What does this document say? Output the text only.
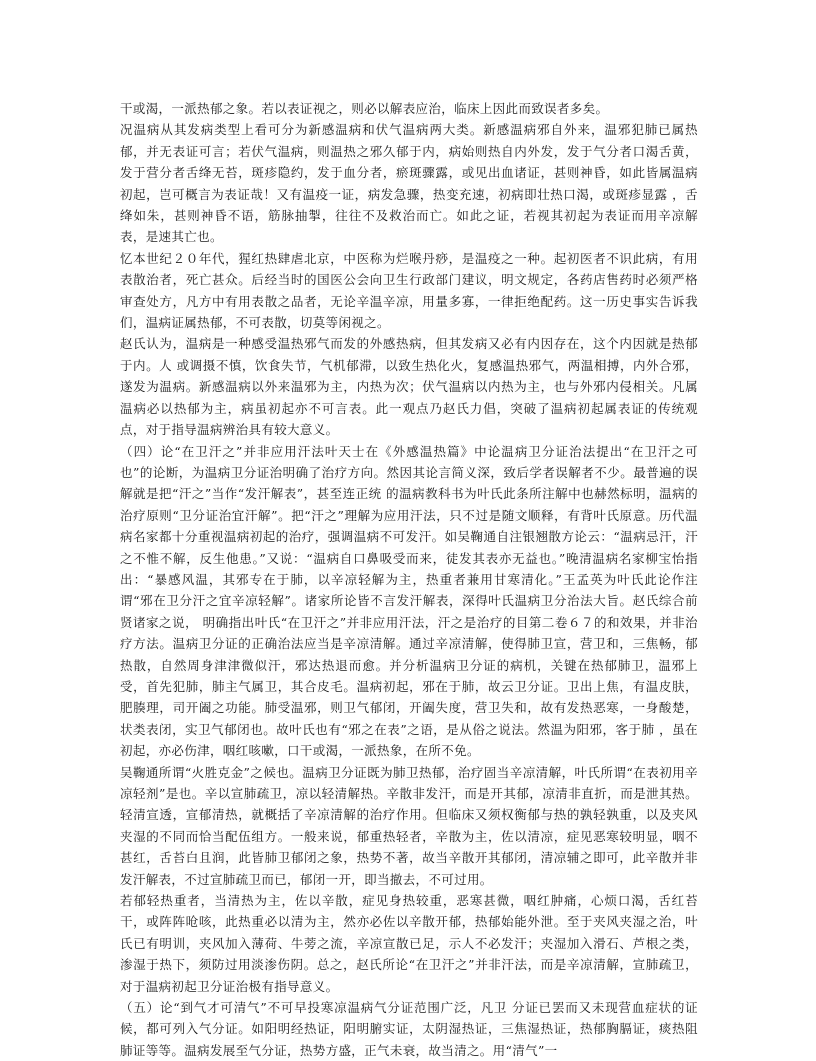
干或渴，一派热郁之象。若以表证视之，则必以解表应治，临床上因此而致误者多矣。

况温病从其发病类型上看可分为新感温病和伏气温病两大类。新感温病邪自外来，温邪犯肺已属热郁，并无表证可言；若伏气温病，则温热之邪久郁于内，病始则热自内外发，发于气分者口渴舌黄，发于营分者舌绛无苔，斑疹隐约，发于血分者，瘀斑骤露，或见出血诸证，甚则神昏，如此皆属温病初起，岂可概言为表证哉！又有温疫一证，病发急骤，热变充速，初病即壮热口渴，或斑疹显露 ，舌绛如朱，甚则神昏不语，筋脉抽掣，往往不及救治而亡。如此之证，若视其初起为表证而用辛凉解表，是速其亡也。

忆本世纪２０年代，猩红热肆虐北京，中医称为烂喉丹痧，是温疫之一种。起初医者不识此病，有用表散治者，死亡甚众。后经当时的国医公会向卫生行政部门建议，明文规定，各药店售药时必须严格审查处方，凡方中有用表散之品者，无论辛温辛凉，用量多寡，一律拒绝配药。这一历史事实告诉我们，温病证属热郁，不可表散，切莫等闲视之。

赵氏认为，温病是一种感受温热邪气而发的外感热病，但其发病又必有内因存在，这个内因就是热郁于内。人 或调摄不慎，饮食失节，气机郁滞，以致生热化火，复感温热邪气，两温相搏，内外合邪，遂发为温病。新感温病以外来温邪为主，内热为次；伏气温病以内热为主，也与外邪内侵相关。凡属温病必以热郁为主，病虽初起亦不可言表。此一观点乃赵氏力倡，突破了温病初起属表证的传统观点，对于指导温病辨治具有较大意义。

（四）论“在卫汗之”并非应用汗法叶天士在《外感温热篇》中论温病卫分证治法提出“在卫汗之可也”的论断，为温病卫分证治明确了治疗方向。然因其论言简义深，致后学者误解者不少。最普遍的误解就是把“汗之”当作“发汗解表”，甚至连正统 的温病教科书为叶氏此条所注解中也赫然标明，温病的治疗原则“卫分证治宜汗解”。把“汗之”理解为应用汗法，只不过是随文顺释，有背叶氏原意。历代温病名家都十分重视温病初起的治疗，强调温病不可发汗。如吴鞠通自注银翘散方论云：“温病忌汗，汗之不惟不解，反生他患。”又说：“温病自口鼻吸受而来，徒发其表亦无益也。”晚清温病名家柳宝怡指出：“暴感风温，其邪专在于肺，以辛凉轻解为主，热重者兼用甘寒清化。”王孟英为叶氏此论作注谓“邪在卫分汗之宜辛凉轻解”。诸家所论皆不言发汗解表，深得叶氏温病卫分治法大旨。赵氏综合前贤诸家之说， 明确指出叶氏“在卫汗之”并非应用汗法，汗之是治疗的目第二卷６７的和效果，并非治疗方法。温病卫分证的正确治法应当是辛凉清解。通过辛凉清解，使得肺卫宣，营卫和，三焦畅，郁热散，自然周身津津微似汗，邪达热退而愈。并分析温病卫分证的病机，关键在热郁肺卫，温邪上受，首先犯肺，肺主气属卫，其合皮毛。温病初起，邪在于肺，故云卫分证。卫出上焦，有温皮肤，肥腠理，司开阖之功能。肺受温邪，则卫气郁闭，开阖失度，营卫失和，故有发热恶寒，一身酸楚，状类表闭，实卫气郁闭也。故叶氏也有“邪之在表”之语，是从俗之说法。然温为阳邪，客于肺 ，虽在初起，亦必伤津，咽红咳嗽，口干或渴，一派热象，在所不免。

吴鞠通所谓“火胜克金”之候也。温病卫分证既为肺卫热郁，治疗固当辛凉清解，叶氏所谓“在表初用辛凉轻剂”是也。辛以宣肺疏卫，凉以轻清解热。辛散非发汗，而是开其郁，凉清非直折，而是泄其热。轻清宣透，宣郁清热，就概括了辛凉清解的治疗作用。但临床又须权衡郁与热的孰轻孰重，以及夹风夹湿的不同而恰当配伍组方。一般来说，郁重热轻者，辛散为主，佐以清凉，症见恶寒较明显，咽不甚红，舌苔白且润，此皆肺卫郁闭之象，热势不著，故当辛散开其郁闭，清凉辅之即可，此辛散并非 发汗解表，不过宣肺疏卫而已，郁闭一开，即当撤去，不可过用。

若郁轻热重者，当清热为主，佐以辛散，症见身热较重，恶寒甚微，咽红肿痛，心烦口渴，舌红苔干，或阵阵呛咳，此热重必以清为主，然亦必佐以辛散开郁，热郁始能外泄。至于夹风夹湿之治，叶氏已有明训，夹风加入薄荷、牛蒡之流，辛凉宣散已足，示人不必发汗；夹湿加入滑石、芦根之类，渗湿于热下，须防过用淡渗伤阴。总之，赵氏所论“在卫汗之”并非汗法，而是辛凉清解，宣肺疏卫，对于温病初起卫分证治极有指导意义。

（五）论“到气才可清气”不可早投寒凉温病气分证范围广泛，凡卫 分证已罢而又未现营血症状的证候，都可列入气分证。如阳明经热证，阳明腑实证，太阴湿热证，三焦湿热证，热郁胸膈证，痰热阻肺证等等。温病发展至气分证，热势方盛，正气未衰，故当清之。用“清气”一
